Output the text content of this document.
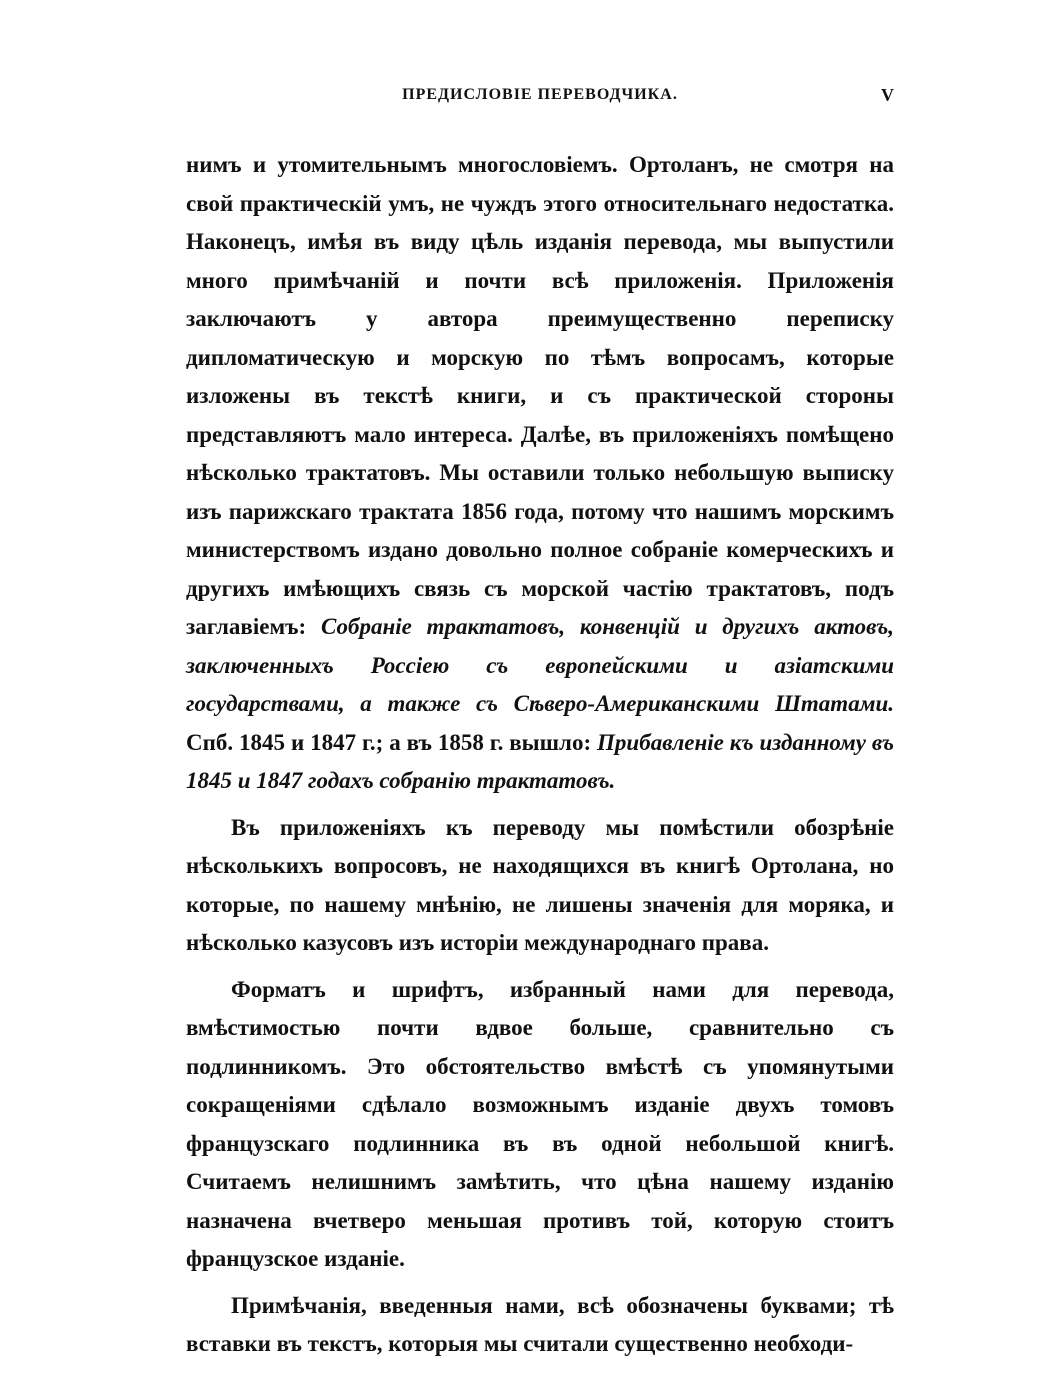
ПРЕДИСЛОВІЕ ПЕРЕВОДЧИКА.	V

нимъ и утомительнымъ многословіемъ. Ортоланъ, не смотря на свой практическій умъ, не чуждъ этого относительнаго недостатка. Наконецъ, имѣя въ виду цѣль изданія перевода, мы выпустили много примѣчаній и почти всѣ приложенія. Приложенія заключаютъ у автора преимущественно переписку дипломатическую и морскую по тѣмъ вопросамъ, которые изложены въ текстѣ книги, и съ практической стороны представляютъ мало интереса. Далѣе, въ приложеніяхъ помѣщено нѣсколько трактатовъ. Мы оставили только небольшую выписку изъ парижскаго трактата 1856 года, потому что нашимъ морскимъ министерствомъ издано довольно полное собраніе комерческихъ и другихъ имѣющихъ связь съ морской частію трактатовъ, подъ заглавіемъ: Собраніе трактатовъ, конвенцій и другихъ актовъ, заключенныхъ Россіею съ европейскими и азіатскими государствами, а также съ Сѣверо-Американскими Штатами. Спб. 1845 и 1847 г.; а въ 1858 г. вышло: Прибавленіе къ изданному въ 1845 и 1847 годахъ собранію трактатовъ.

Въ приложеніяхъ къ переводу мы помѣстили обозрѣніе нѣсколькихъ вопросовъ, не находящихся въ книгѣ Ортолана, но которые, по нашему мнѣнію, не лишены значенія для моряка, и нѣсколько казусовъ изъ исторіи международнаго права.

Форматъ и шрифтъ, избранный нами для перевода, вмѣстимостью почти вдвое больше, сравнительно съ подлинникомъ. Это обстоятельство вмѣстѣ съ упомянутыми сокращеніями сдѣлало возможнымъ изданіе двухъ томовъ французскаго подлинника въ въ одной небольшой книгѣ. Считаемъ нелишнимъ замѣтить, что цѣна нашему изданію назначена вчетверо меньшая противъ той, которую стоитъ французское изданіе.

Примѣчанія, введенныя нами, всѣ обозначены буквами; тѣ вставки въ текстъ, которыя мы считали существенно необходи-
